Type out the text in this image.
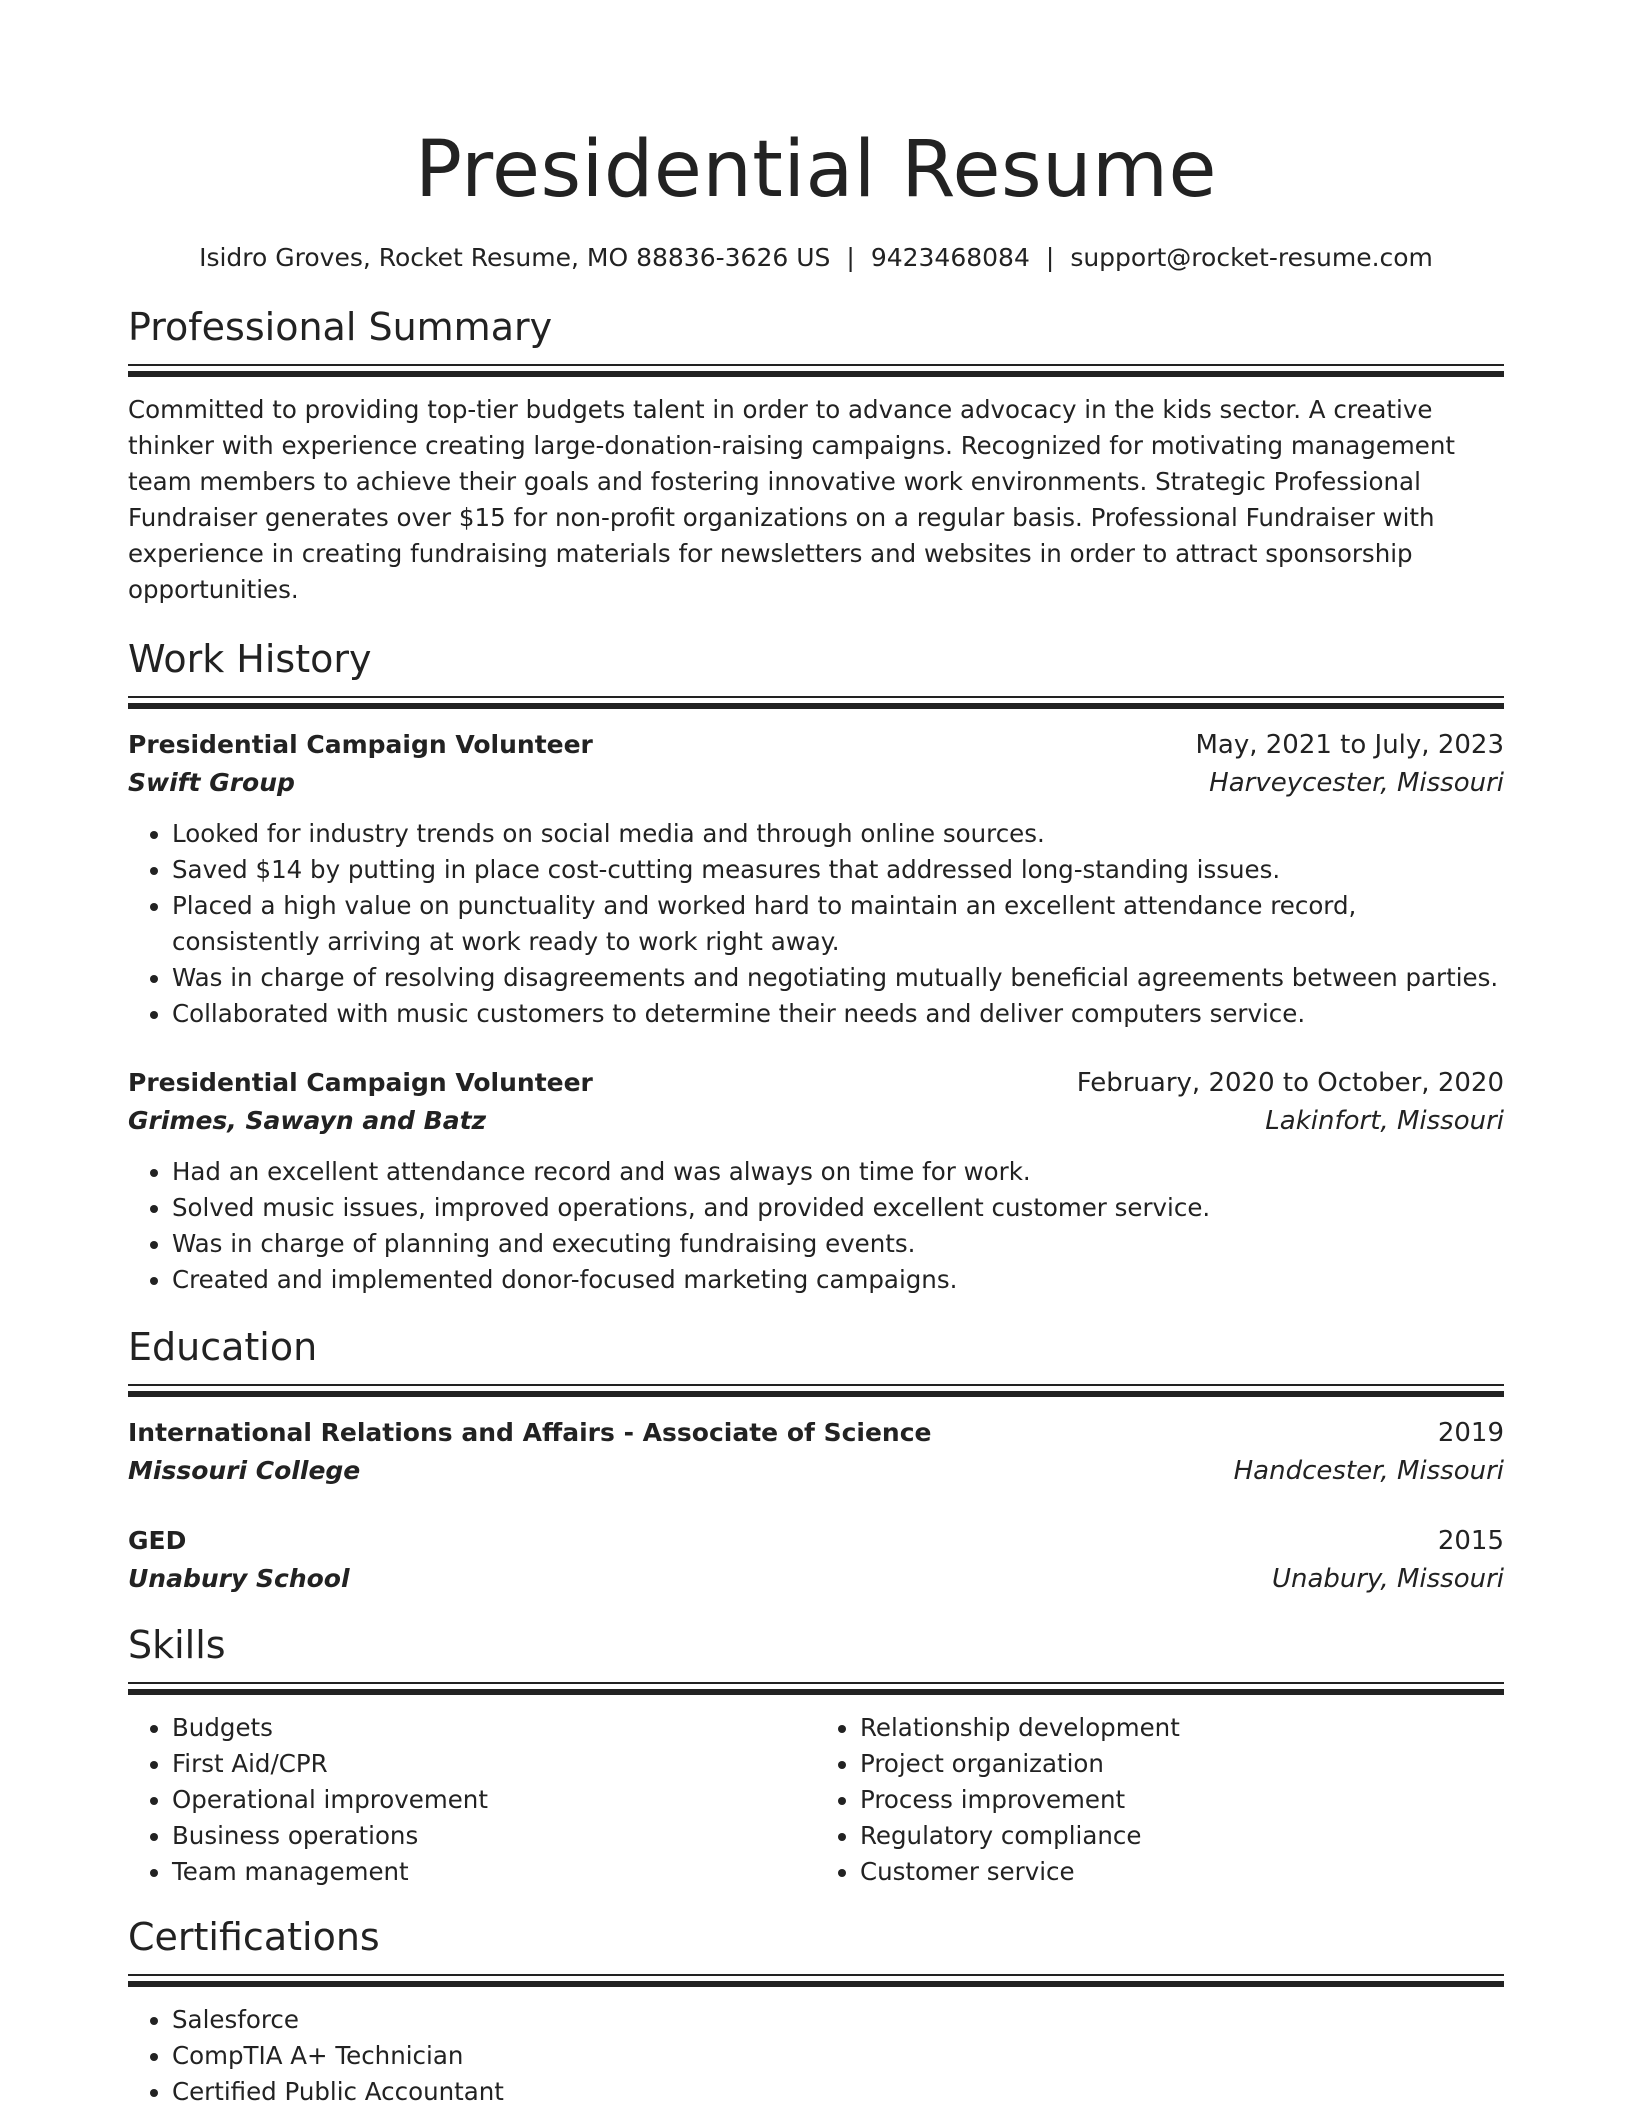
Presidential Resume
Isidro Groves, Rocket Resume, MO 88836-3626 US | 9423468084 | support@rocket-resume.com
Professional Summary
Committed to providing top-tier budgets talent in order to advance advocacy in the kids sector. A creative thinker with experience creating large-donation-raising campaigns. Recognized for motivating management team members to achieve their goals and fostering innovative work environments. Strategic Professional Fundraiser generates over $15 for non-profit organizations on a regular basis. Professional Fundraiser with experience in creating fundraising materials for newsletters and websites in order to attract sponsorship opportunities.
Work History
Presidential Campaign Volunteer	May, 2021 to July, 2023
Swift Group	Harveycester, Missouri
• Looked for industry trends on social media and through online sources.
• Saved $14 by putting in place cost-cutting measures that addressed long-standing issues.
• Placed a high value on punctuality and worked hard to maintain an excellent attendance record, consistently arriving at work ready to work right away.
• Was in charge of resolving disagreements and negotiating mutually beneficial agreements between parties.
• Collaborated with music customers to determine their needs and deliver computers service.
Presidential Campaign Volunteer	February, 2020 to October, 2020
Grimes, Sawayn and Batz	Lakinfort, Missouri
• Had an excellent attendance record and was always on time for work.
• Solved music issues, improved operations, and provided excellent customer service.
• Was in charge of planning and executing fundraising events.
• Created and implemented donor-focused marketing campaigns.
Education
International Relations and Affairs - Associate of Science	2019
Missouri College	Handcester, Missouri
GED	2015
Unabury School	Unabury, Missouri
Skills
• Budgets
• First Aid/CPR
• Operational improvement
• Business operations
• Team management
• Relationship development
• Project organization
• Process improvement
• Regulatory compliance
• Customer service
Certifications
• Salesforce
• CompTIA A+ Technician
• Certified Public Accountant
